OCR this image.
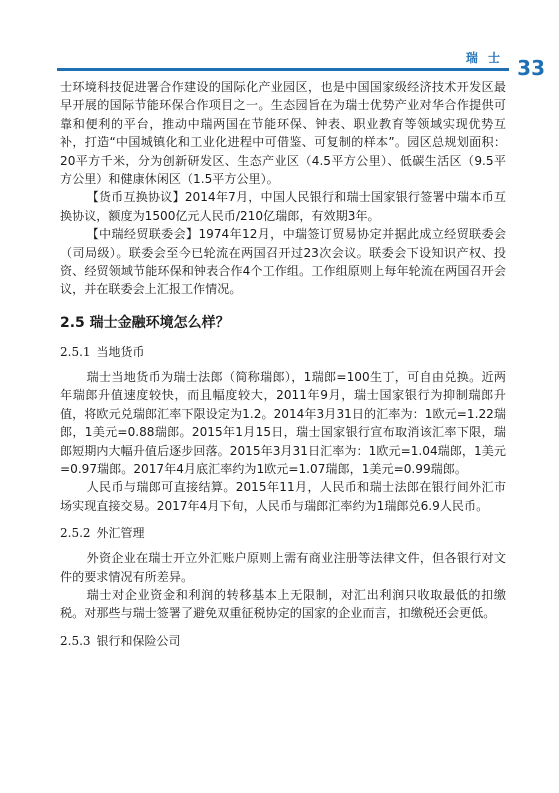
瑞 士 33

士环境科技促进署合作建设的国际化产业园区，也是中国国家级经济技术开发区最早开展的国际节能环保合作项目之一。生态园旨在为瑞士优势产业对华合作提供可靠和便利的平台，推动中瑞两国在节能环保、钟表、职业教育等领域实现优势互补，打造“中国城镇化和工业化进程中可借鉴、可复制的样本”。园区总规划面积：20平方千米，分为创新研发区、生态产业区（4.5平方公里）、低碳生活区（9.5平方公里）和健康休闲区（1.5平方公里）。

【货币互换协议】2014年7月，中国人民银行和瑞士国家银行签署中瑞本币互换协议，额度为1500亿元人民币/210亿瑞郎，有效期3年。

【中瑞经贸联委会】1974年12月，中瑞签订贸易协定并据此成立经贸联委会（司局级）。联委会至今已轮流在两国召开过23次会议。联委会下设知识产权、投资、经贸领域节能环保和钟表合作4个工作组。工作组原则上每年轮流在两国召开会议，并在联委会上汇报工作情况。

2.5 瑞士金融环境怎么样？

2.5.1 当地货币

瑞士当地货币为瑞士法郎（简称瑞郎），1瑞郎=100生丁，可自由兑换。近两年瑞郎升值速度较快，而且幅度较大，2011年9月，瑞士国家银行为抑制瑞郎升值，将欧元兑瑞郎汇率下限设定为1.2。2014年3月31日的汇率为：1欧元=1.22瑞郎，1美元=0.88瑞郎。2015年1月15日，瑞士国家银行宣布取消该汇率下限，瑞郎短期内大幅升值后逐步回落。2015年3月31日汇率为：1欧元=1.04瑞郎，1美元=0.97瑞郎。2017年4月底汇率约为1欧元=1.07瑞郎，1美元=0.99瑞郎。

人民币与瑞郎可直接结算。2015年11月，人民币和瑞士法郎在银行间外汇市场实现直接交易。2017年4月下旬，人民币与瑞郎汇率约为1瑞郎兑6.9人民币。

2.5.2 外汇管理

外资企业在瑞士开立外汇账户原则上需有商业注册等法律文件，但各银行对文件的要求情况有所差异。

瑞士对企业资金和利润的转移基本上无限制，对汇出利润只收取最低的扣缴税。对那些与瑞士签署了避免双重征税协定的国家的企业而言，扣缴税还会更低。

2.5.3 银行和保险公司
